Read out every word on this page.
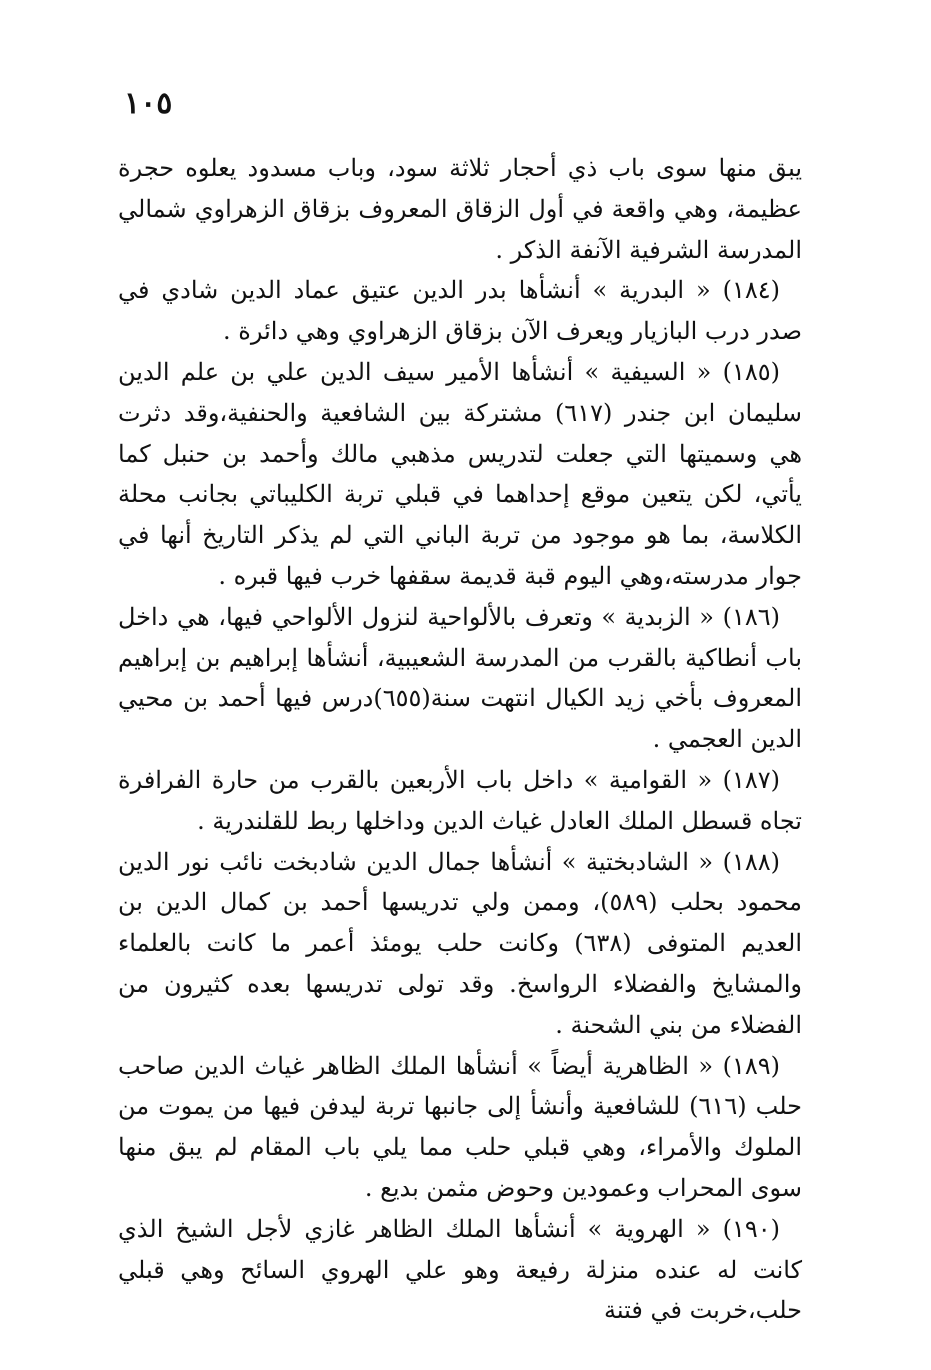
١٠٥

يبق منها سوى باب ذي أحجار ثلاثة سود، وباب مسدود يعلوه حجرة عظيمة، وهي واقعة في أول الزقاق المعروف بزقاق الزهراوي شمالي المدرسة الشرفية الآنفة الذكر .

(١٨٤) « البدرية » أنشأها بدر الدين عتيق عماد الدين شادي في صدر درب البازيار ويعرف الآن بزقاق الزهراوي وهي دائرة .

(١٨٥) « السيفية » أنشأها الأمير سيف الدين علي بن علم الدين سليمان ابن جندر (٦١٧) مشتركة بين الشافعية والحنفية،وقد دثرت هي وسميتها التي جعلت لتدريس مذهبي مالك وأحمد بن حنبل كما يأتي، لكن يتعين موقع إحداهما في قبلي تربة الكليباتي بجانب محلة الكلاسة، بما هو موجود من تربة الباني التي لم يذكر التاريخ أنها في جوار مدرسته،وهي اليوم قبة قديمة سقفها خرب فيها قبره .

(١٨٦) « الزبدية » وتعرف بالألواحية لنزول الألواحي فيها، هي داخل باب أنطاكية بالقرب من المدرسة الشعيبية، أنشأها إبراهيم بن إبراهيم المعروف بأخي زيد الكيال انتهت سنة(٦٥٥)درس فيها أحمد بن محيي الدين العجمي .

(١٨٧) « القوامية » داخل باب الأربعين بالقرب من حارة الفرافرة تجاه قسطل الملك العادل غياث الدين وداخلها ربط للقلندرية .

(١٨٨) « الشادبختية » أنشأها جمال الدين شادبخت نائب نور الدين محمود بحلب (٥٨٩)، وممن ولي تدريسها أحمد بن كمال الدين بن العديم المتوفى (٦٣٨) وكانت حلب يومئذ أعمر ما كانت بالعلماء والمشايخ والفضلاء الرواسخ. وقد تولى تدريسها بعده كثيرون من الفضلاء من بني الشحنة .

(١٨٩) « الظاهرية أيضاً » أنشأها الملك الظاهر غياث الدين صاحب حلب (٦١٦) للشافعية وأنشأ إلى جانبها تربة ليدفن فيها من يموت من الملوك والأمراء، وهي قبلي حلب مما يلي باب المقام لم يبق منها سوى المحراب وعمودين وحوض مثمن بديع .

(١٩٠) « الهروية » أنشأها الملك الظاهر غازي لأجل الشيخ الذي كانت له عنده منزلة رفيعة وهو علي الهروي السائح وهي قبلي حلب،خربت في فتنة
